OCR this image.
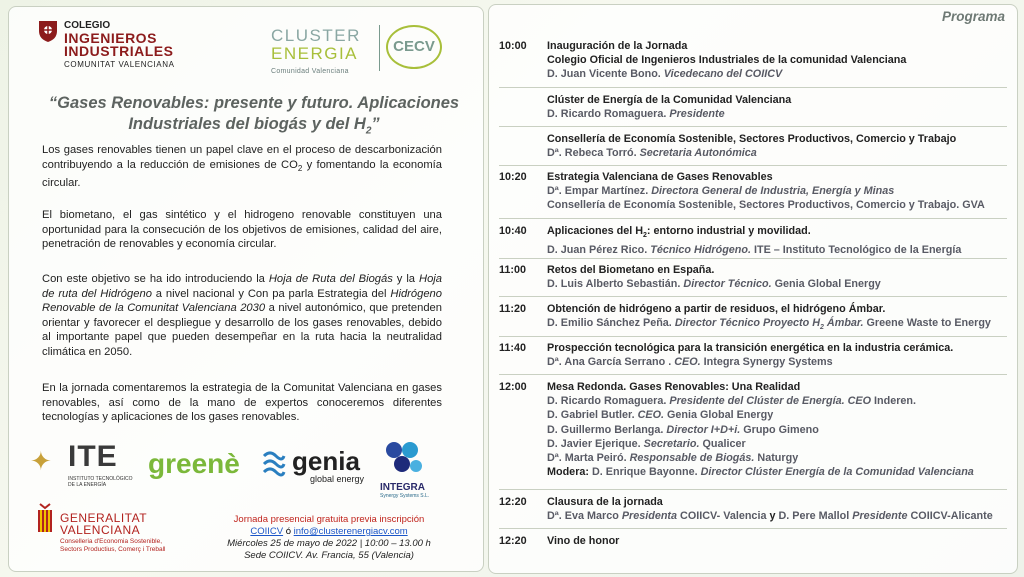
COLEGIO
INGENIEROS
INDUSTRIALES
COMUNITAT VALENCIANA
CLUSTER
ENERGIA
Comunidad Valenciana
CECV
“Gases Renovables: presente y futuro. Aplicaciones
Industriales del biogás y del $H_2$”
Los gases renovables tienen un papel clave en el proceso de descarbonización contribuyendo a la reducción de emisiones de $CO_2$ y fomentando la economía circular.
El biometano, el gas sintético y el hidrogeno renovable constituyen una oportunidad para la consecución de los objetivos de emisiones, calidad del aire, penetración de renovables y economía circular.
Con este objetivo se ha ido introduciendo la Hoja de Ruta del Biogás y la Hoja de ruta del Hidrógeno a nivel nacional y Con pa parla Estrategia del Hidrógeno Renovable de la Comunitat Valenciana 2030 a nivel autonómico, que pretenden orientar y favorecer el despliegue y desarrollo de los gases renovables, debido al importante papel que pueden desempeñar en la ruta hacia la neutralidad climática en 2050.
En la jornada comentaremos la estrategia de la Comunitat Valenciana en gases renovables, así como de la mano de expertos conoceremos diferentes tecnologías y aplicaciones de los gases renovables.
✦ ITE
INSTITUTO TECNOLÓGICO DE LA ENERGÍA
greenè genia
global energy
INTEGRA
Synergy Systems S.L.
GENERALITAT
VALENCIANA
Conselleria d'Economia Sostenible, Sectors Productius, Comerç i Treball
Jornada presencial gratuita previa inscripción
COIICV ó info@clusterenergiacv.com
Miércoles 25 de mayo de 2022 | 10:00 – 13.00 h
Sede COIICV. Av. Francia, 55 (Valencia)
Programa
10:00 Inauguración de la Jornada
Colegio Oficial de Ingenieros Industriales de la comunidad Valenciana
D. Juan Vicente Bono. Vicedecano del COIICV
Clúster de Energía de la Comunidad Valenciana
D. Ricardo Romaguera. Presidente
Consellería de Economía Sostenible, Sectores Productivos, Comercio y Trabajo
Dª. Rebeca Torró. Secretaria Autonómica
10:20 Estrategia Valenciana de Gases Renovables
Dª. Empar Martínez. Directora General de Industria, Energía y Minas
Consellería de Economía Sostenible, Sectores Productivos, Comercio y Trabajo. GVA
10:40 Aplicaciones del $H_2$: entorno industrial y movilidad.
D. Juan Pérez Rico. Técnico Hidrógeno. ITE – Instituto Tecnológico de la Energía
11:00 Retos del Biometano en España.
D. Luis Alberto Sebastián. Director Técnico. Genia Global Energy
11:20 Obtención de hidrógeno a partir de residuos, el hidrógeno Ámbar.
D. Emilio Sánchez Peña. Director Técnico Proyecto $H_2$ Ámbar. Greene Waste to Energy
11:40 Prospección tecnológica para la transición energética en la industria cerámica.
Dª. Ana García Serrano . CEO. Integra Synergy Systems
12:00 Mesa Redonda. Gases Renovables: Una Realidad
D. Ricardo Romaguera. Presidente del Clúster de Energía. CEO Inderen.
D. Gabriel Butler. CEO. Genia Global Energy
D. Guillermo Berlanga. Director I+D+i. Grupo Gimeno
D. Javier Ejerique. Secretario. Qualicer
Dª. Marta Peiró. Responsable de Biogás. Naturgy
Modera: D. Enrique Bayonne. Director Clúster Energía de la Comunidad Valenciana
12:20 Clausura de la jornada
Dª. Eva Marco Presidenta COIICV- Valencia y D. Pere Mallol Presidente COIICV-Alicante
12:20 Vino de honor
